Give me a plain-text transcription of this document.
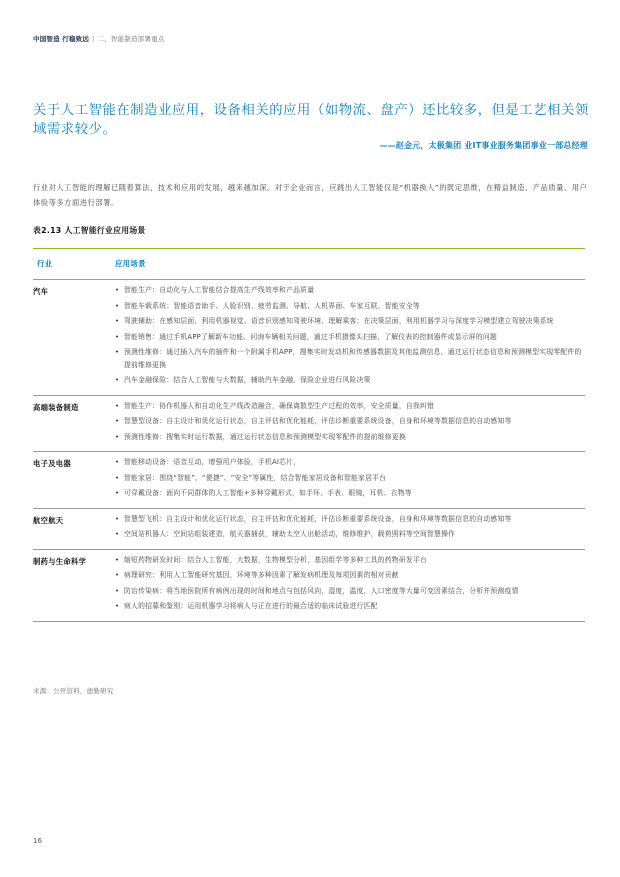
中国智造 行稳致远 | 二、智能制造部署重点
关于人工智能在制造业应用，设备相关的应用（如物流、盘产）还比较多，但是工艺相关领域需求较少。
——赵金元，太极集团 业IT事业服务集团事业一部总经理

行业对人工智能的理解已随着算法，技术和应用的发展，越来越加深。对于企业而言，应跳出人工智能仅是“机器换人”的既定思维，在精益制造、产品质量、用户体验等多方面进行部署。

表2.13 人工智能行业应用场景
行业	应用场景
汽车	• 智能生产：自动化与人工智能结合提高生产线效率和产品质量
• 智能车载系统：智能语音助手、人脸识别、疲劳监测、导航、人机界面、车家互联、智能安全等
• 驾驶辅助：在感知层面，利用机器视觉、语音识别感知驾驶环境、理解乘客；在决策层面，利用机器学习与深度学习模型建立驾驶决策系统
• 智能销售：通过手机APP了解新车功能、问询车辆相关问题，通过手机摄像头扫描，了解仪表的控制器件或显示屏的问题
• 预测性维修：通过插入汽车的插件和一个附属手机APP，搜集实时发动机和传感器数据及其他监测信息，通过运行状态信息和预测模型实现零配件的提前维修更换
• 汽车金融保险：结合人工智能与大数据，辅助汽车金融、保险企业进行风险决策
高端装备制造	• 智能生产：协作机器人和自动化生产线改造融合，确保离散型生产过程的效率，安全质量，自我纠错
• 智慧型设备：自主设计和优化运行状态，自主评估和优化能耗，评估诊断重要系统设备，自身和环境等数据信息的自动感知等
• 预测性维修：搜集实时运行数据，通过运行状态信息和预测模型实现零配件的提前维修更换
电子及电器	• 智能移动设备：语音互动，增强用户体验，手机AI芯片，
• 智能家居：围绕“智能”、“便捷”、“安全”等属性，结合智能家居设备和智能家居平台
• 可穿戴设备：面向不同群体的人工智能+多种穿戴形式，如手环、手表、眼镜，耳机、衣物等
航空航天	• 智慧型飞机：自主设计和优化运行状态，自主评估和优化能耗，评估诊断重要系统设备，自身和环境等数据信息的自动感知等
• 空间站机器人：空间站组装建造，航天器捕获，辅助太空人出舱活动，维修维护，载荷照料等空间智慧操作
制药与生命科学	• 缩短药物研发时间：结合人工智能，大数据，生物模型分析，基因组学等多种工具的药物研发平台
• 病理研究：利用人工智能研究基因，环境等多种因素了解发病机理及每项因素的相对贡献
• 防治传染病：将当地医院所有病例出现的时间和地点与包括风向，湿度，温度，人口密度等大量可变因素结合，分析并预测疫情
• 病人的招募和鉴别：运用机器学习将病人与正在进行的最合适的临床试验进行匹配
来源：公开资料，德勤研究
16
